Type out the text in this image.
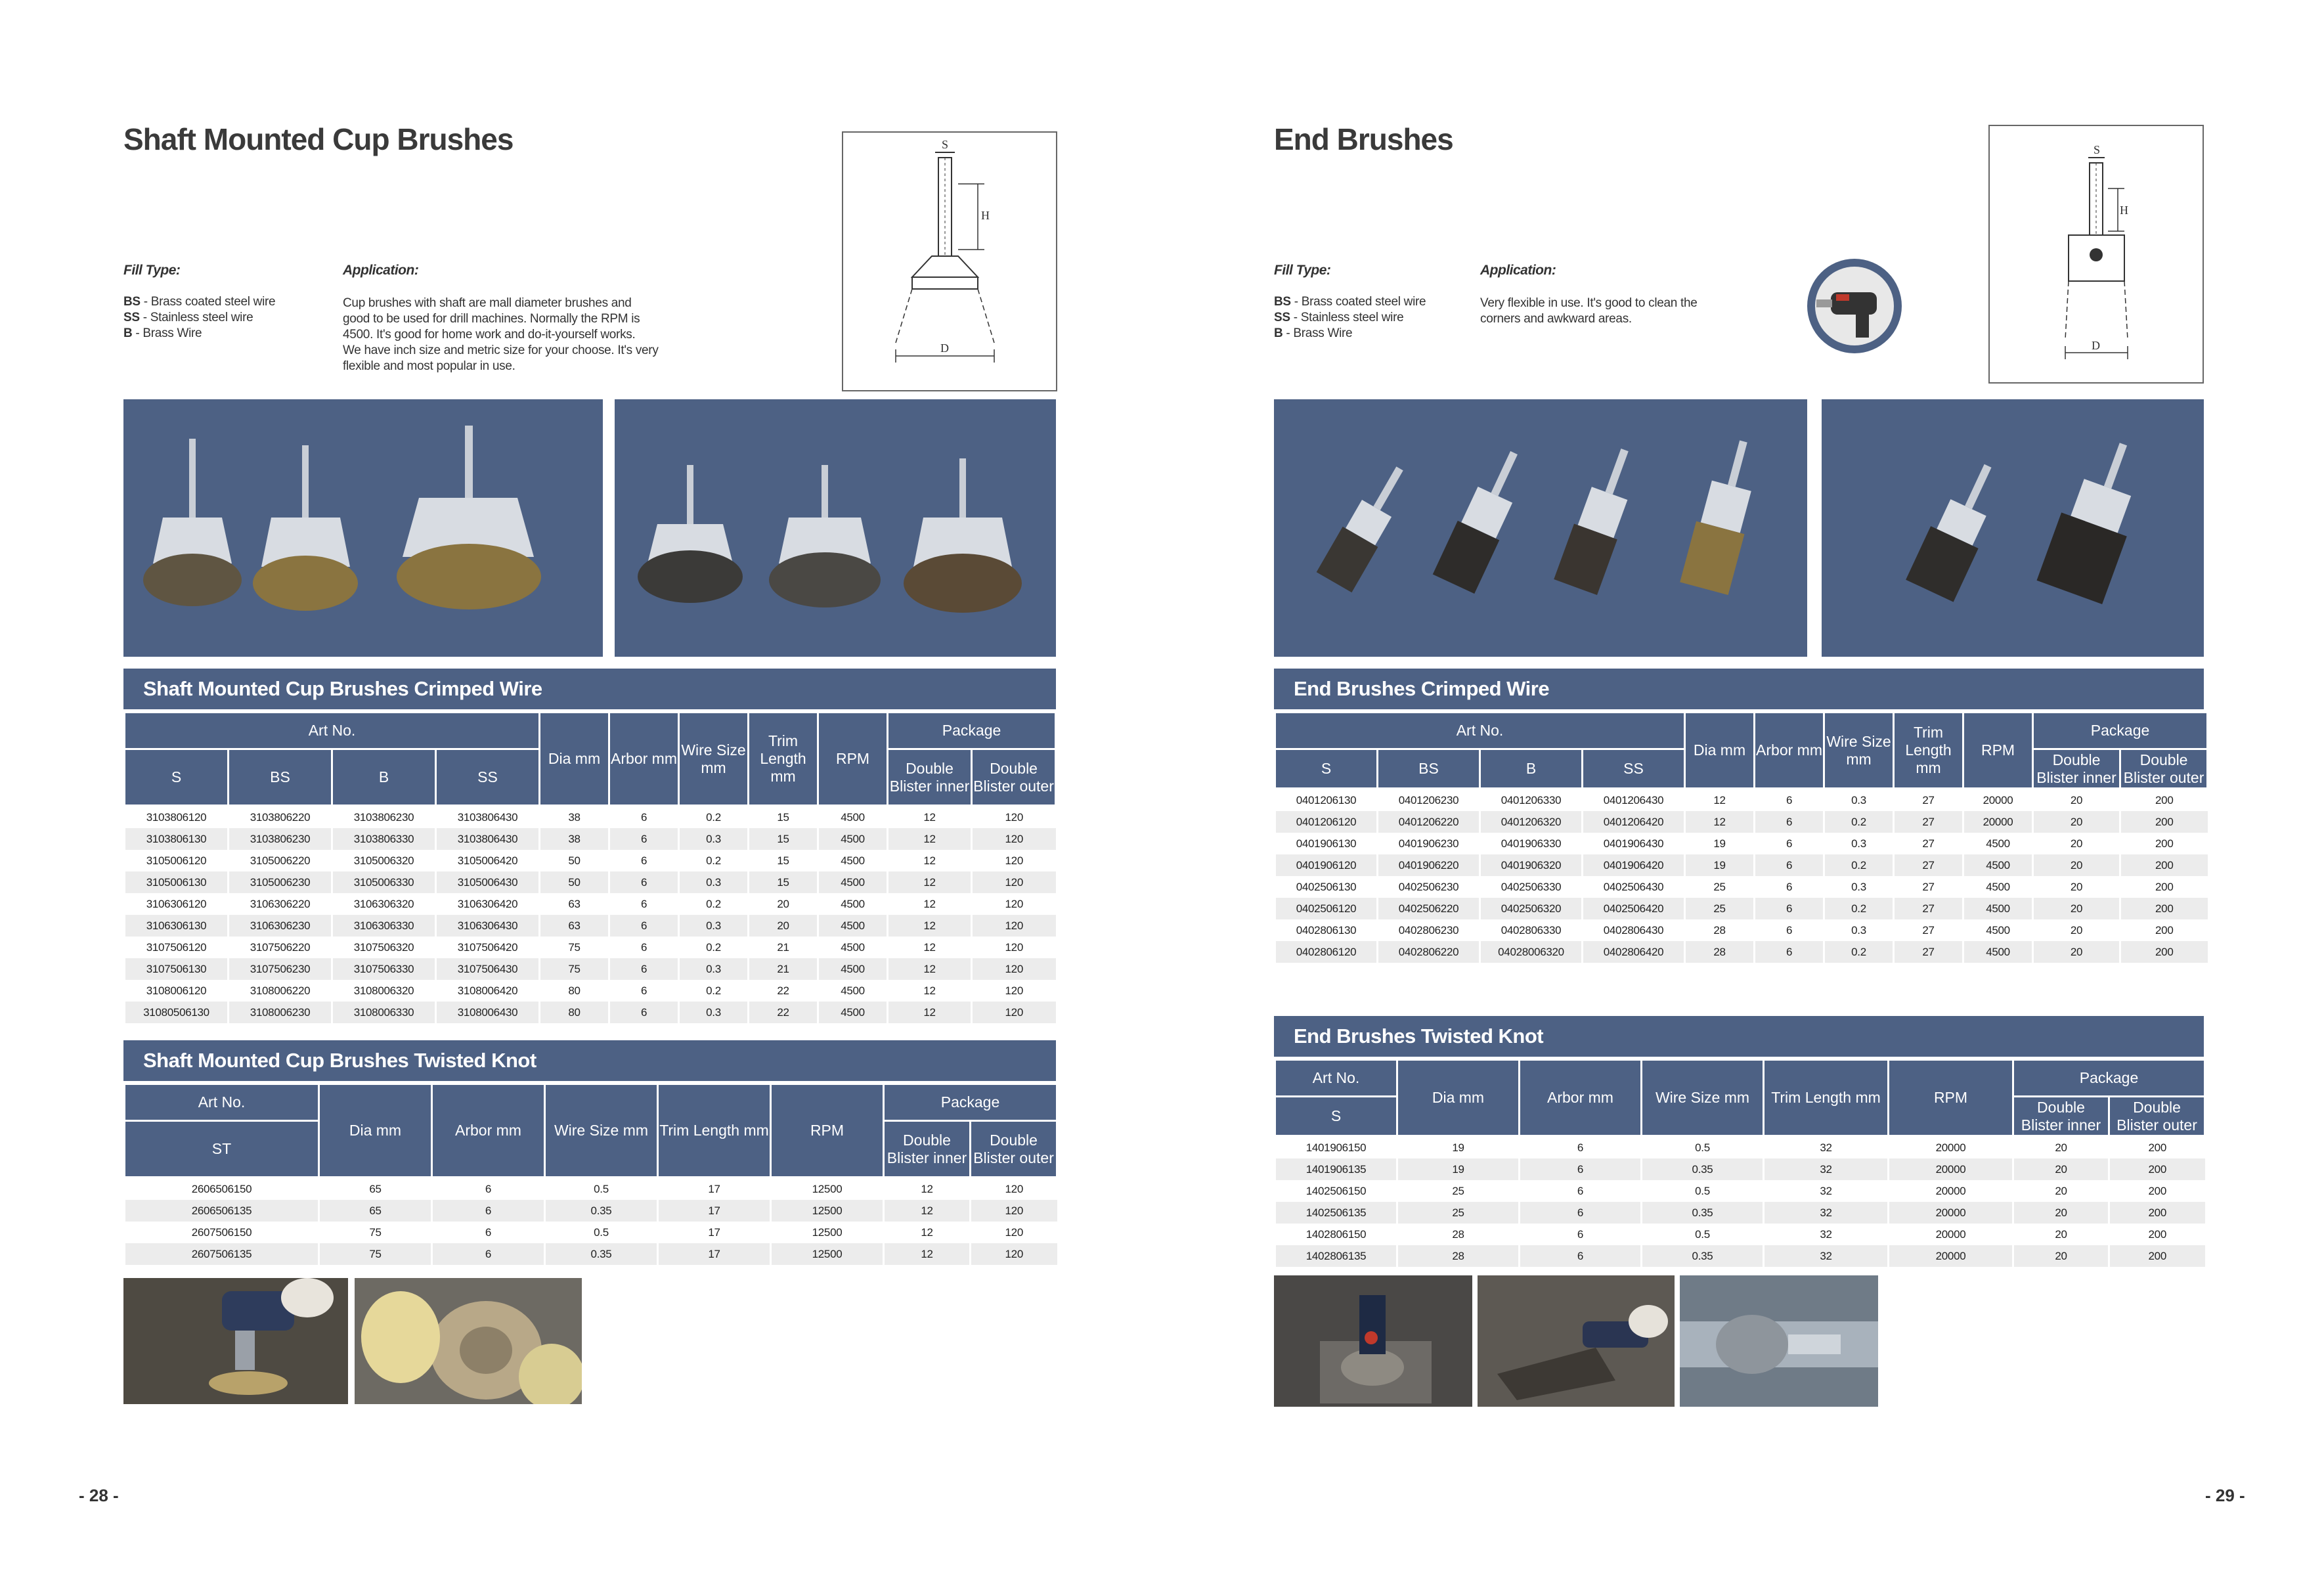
Shaft Mounted Cup Brushes
Fill Type:
BS - Brass coated steel wire
SS - Stainless steel wire
B - Brass Wire
Application:
Cup brushes with shaft are mall diameter brushes and
good to be used for drill machines. Normally the RPM is
4500. It's good for home work and do-it-yourself works.
We have inch size and metric size for your choose. It's very
flexible and most popular in use.
S
H
D
Shaft Mounted Cup Brushes Crimped Wire
Art No.				Dia mm	Arbor mm	Wire Size mm	Trim Length mm	RPM	Package	
S	BS	B	SS						Double Blister inner	Double Blister outer
3103806120	3103806220	3103806230	3103806430	38	6	0.2	15	4500	12	120
3103806130	3103806230	3103806330	3103806430	38	6	0.3	15	4500	12	120
3105006120	3105006220	3105006320	3105006420	50	6	0.2	15	4500	12	120
3105006130	3105006230	3105006330	3105006430	50	6	0.3	15	4500	12	120
3106306120	3106306220	3106306320	3106306420	63	6	0.2	20	4500	12	120
3106306130	3106306230	3106306330	3106306430	63	6	0.3	20	4500	12	120
3107506120	3107506220	3107506320	3107506420	75	6	0.2	21	4500	12	120
3107506130	3107506230	3107506330	3107506430	75	6	0.3	21	4500	12	120
3108006120	3108006220	3108006320	3108006420	80	6	0.2	22	4500	12	120
31080506130	3108006230	3108006330	3108006430	80	6	0.3	22	4500	12	120
Shaft Mounted Cup Brushes Twisted Knot
Art No.	Dia mm	Arbor mm	Wire Size mm	Trim Length mm	RPM	Package	
ST						Double Blister inner	Double Blister outer
2606506150	65	6	0.5	17	12500	12	120
2606506135	65	6	0.35	17	12500	12	120
2607506150	75	6	0.5	17	12500	12	120
2607506135	75	6	0.35	17	12500	12	120
- 28 -
End Brushes
Fill Type:
BS - Brass coated steel wire
SS - Stainless steel wire
B - Brass Wire
Application:
Very flexible in use. It's good to clean the
corners and awkward areas.
S
H
D
End Brushes Crimped Wire
Art No.				Dia mm	Arbor mm	Wire Size mm	Trim Length mm	RPM	Package	
S	BS	B	SS						Double Blister inner	Double Blister outer
0401206130	0401206230	0401206330	0401206430	12	6	0.3	27	20000	20	200
0401206120	0401206220	0401206320	0401206420	12	6	0.2	27	20000	20	200
0401906130	0401906230	0401906330	0401906430	19	6	0.3	27	4500	20	200
0401906120	0401906220	0401906320	0401906420	19	6	0.2	27	4500	20	200
0402506130	0402506230	0402506330	0402506430	25	6	0.3	27	4500	20	200
0402506120	0402506220	0402506320	0402506420	25	6	0.2	27	4500	20	200
0402806130	0402806230	0402806330	0402806430	28	6	0.3	27	4500	20	200
0402806120	0402806220	04028006320	0402806420	28	6	0.2	27	4500	20	200
End Brushes Twisted Knot
Art No.	Dia mm	Arbor mm	Wire Size mm	Trim Length mm	RPM	Package	
S						Double Blister inner	Double Blister outer
1401906150	19	6	0.5	32	20000	20	200
1401906135	19	6	0.35	32	20000	20	200
1402506150	25	6	0.5	32	20000	20	200
1402506135	25	6	0.35	32	20000	20	200
1402806150	28	6	0.5	32	20000	20	200
1402806135	28	6	0.35	32	20000	20	200
- 29 -
